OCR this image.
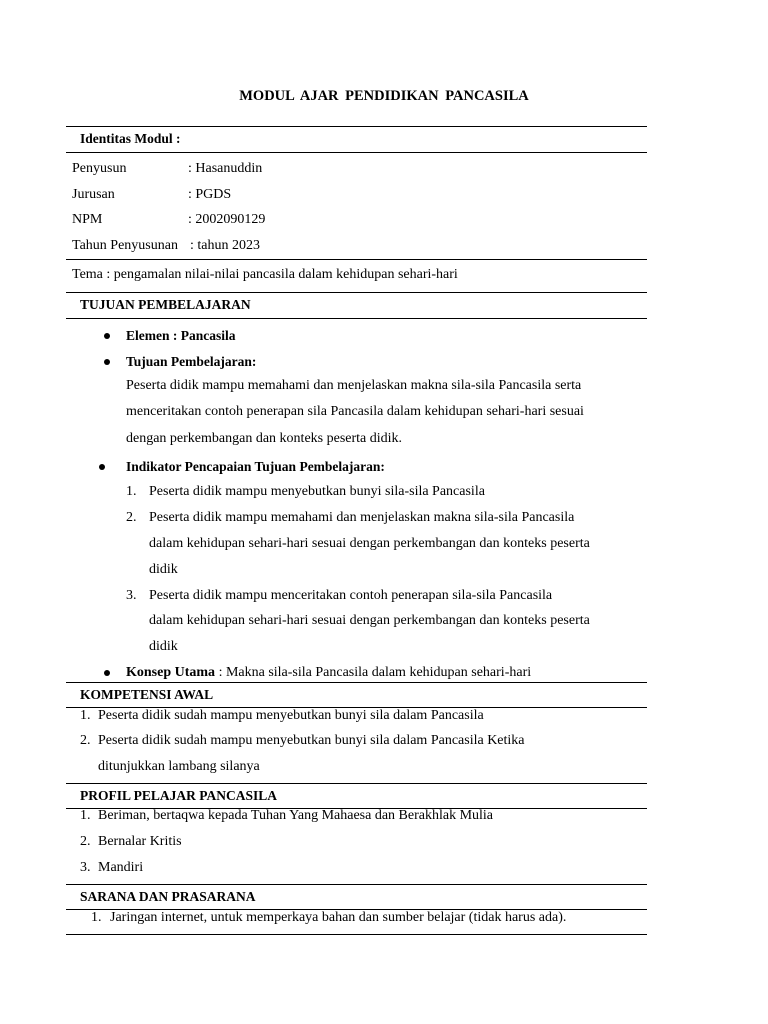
MODUL AJAR PENDIDIKAN PANCASILA
Identitas Modul :
Penyusun	: Hasanuddin
Jurusan	: PGDS
NPM	: 2002090129
Tahun Penyusunan : tahun 2023
Tema : pengamalan nilai-nilai pancasila dalam kehidupan sehari-hari
TUJUAN PEMBELAJARAN
Elemen : Pancasila
Tujuan Pembelajaran:
Peserta didik mampu memahami dan menjelaskan makna sila-sila Pancasila serta
menceritakan contoh penerapan sila Pancasila dalam kehidupan sehari-hari sesuai
dengan perkembangan dan konteks peserta didik.
Indikator Pencapaian Tujuan Pembelajaran:
1. Peserta didik mampu menyebutkan bunyi sila-sila Pancasila
2. Peserta didik mampu memahami dan menjelaskan makna sila-sila Pancasila
dalam kehidupan sehari-hari sesuai dengan perkembangan dan konteks peserta
didik
3. Peserta didik mampu menceritakan contoh penerapan sila-sila Pancasila
dalam kehidupan sehari-hari sesuai dengan perkembangan dan konteks peserta
didik
Konsep Utama : Makna sila-sila Pancasila dalam kehidupan sehari-hari
KOMPETENSI AWAL
1. Peserta didik sudah mampu menyebutkan bunyi sila dalam Pancasila
2. Peserta didik sudah mampu menyebutkan bunyi sila dalam Pancasila Ketika
ditunjukkan lambang silanya
PROFIL PELAJAR PANCASILA
1. Beriman, bertaqwa kepada Tuhan Yang Mahaesa dan Berakhlak Mulia
2. Bernalar Kritis
3. Mandiri
SARANA DAN PRASARANA
1. Jaringan internet, untuk memperkaya bahan dan sumber belajar (tidak harus ada).
